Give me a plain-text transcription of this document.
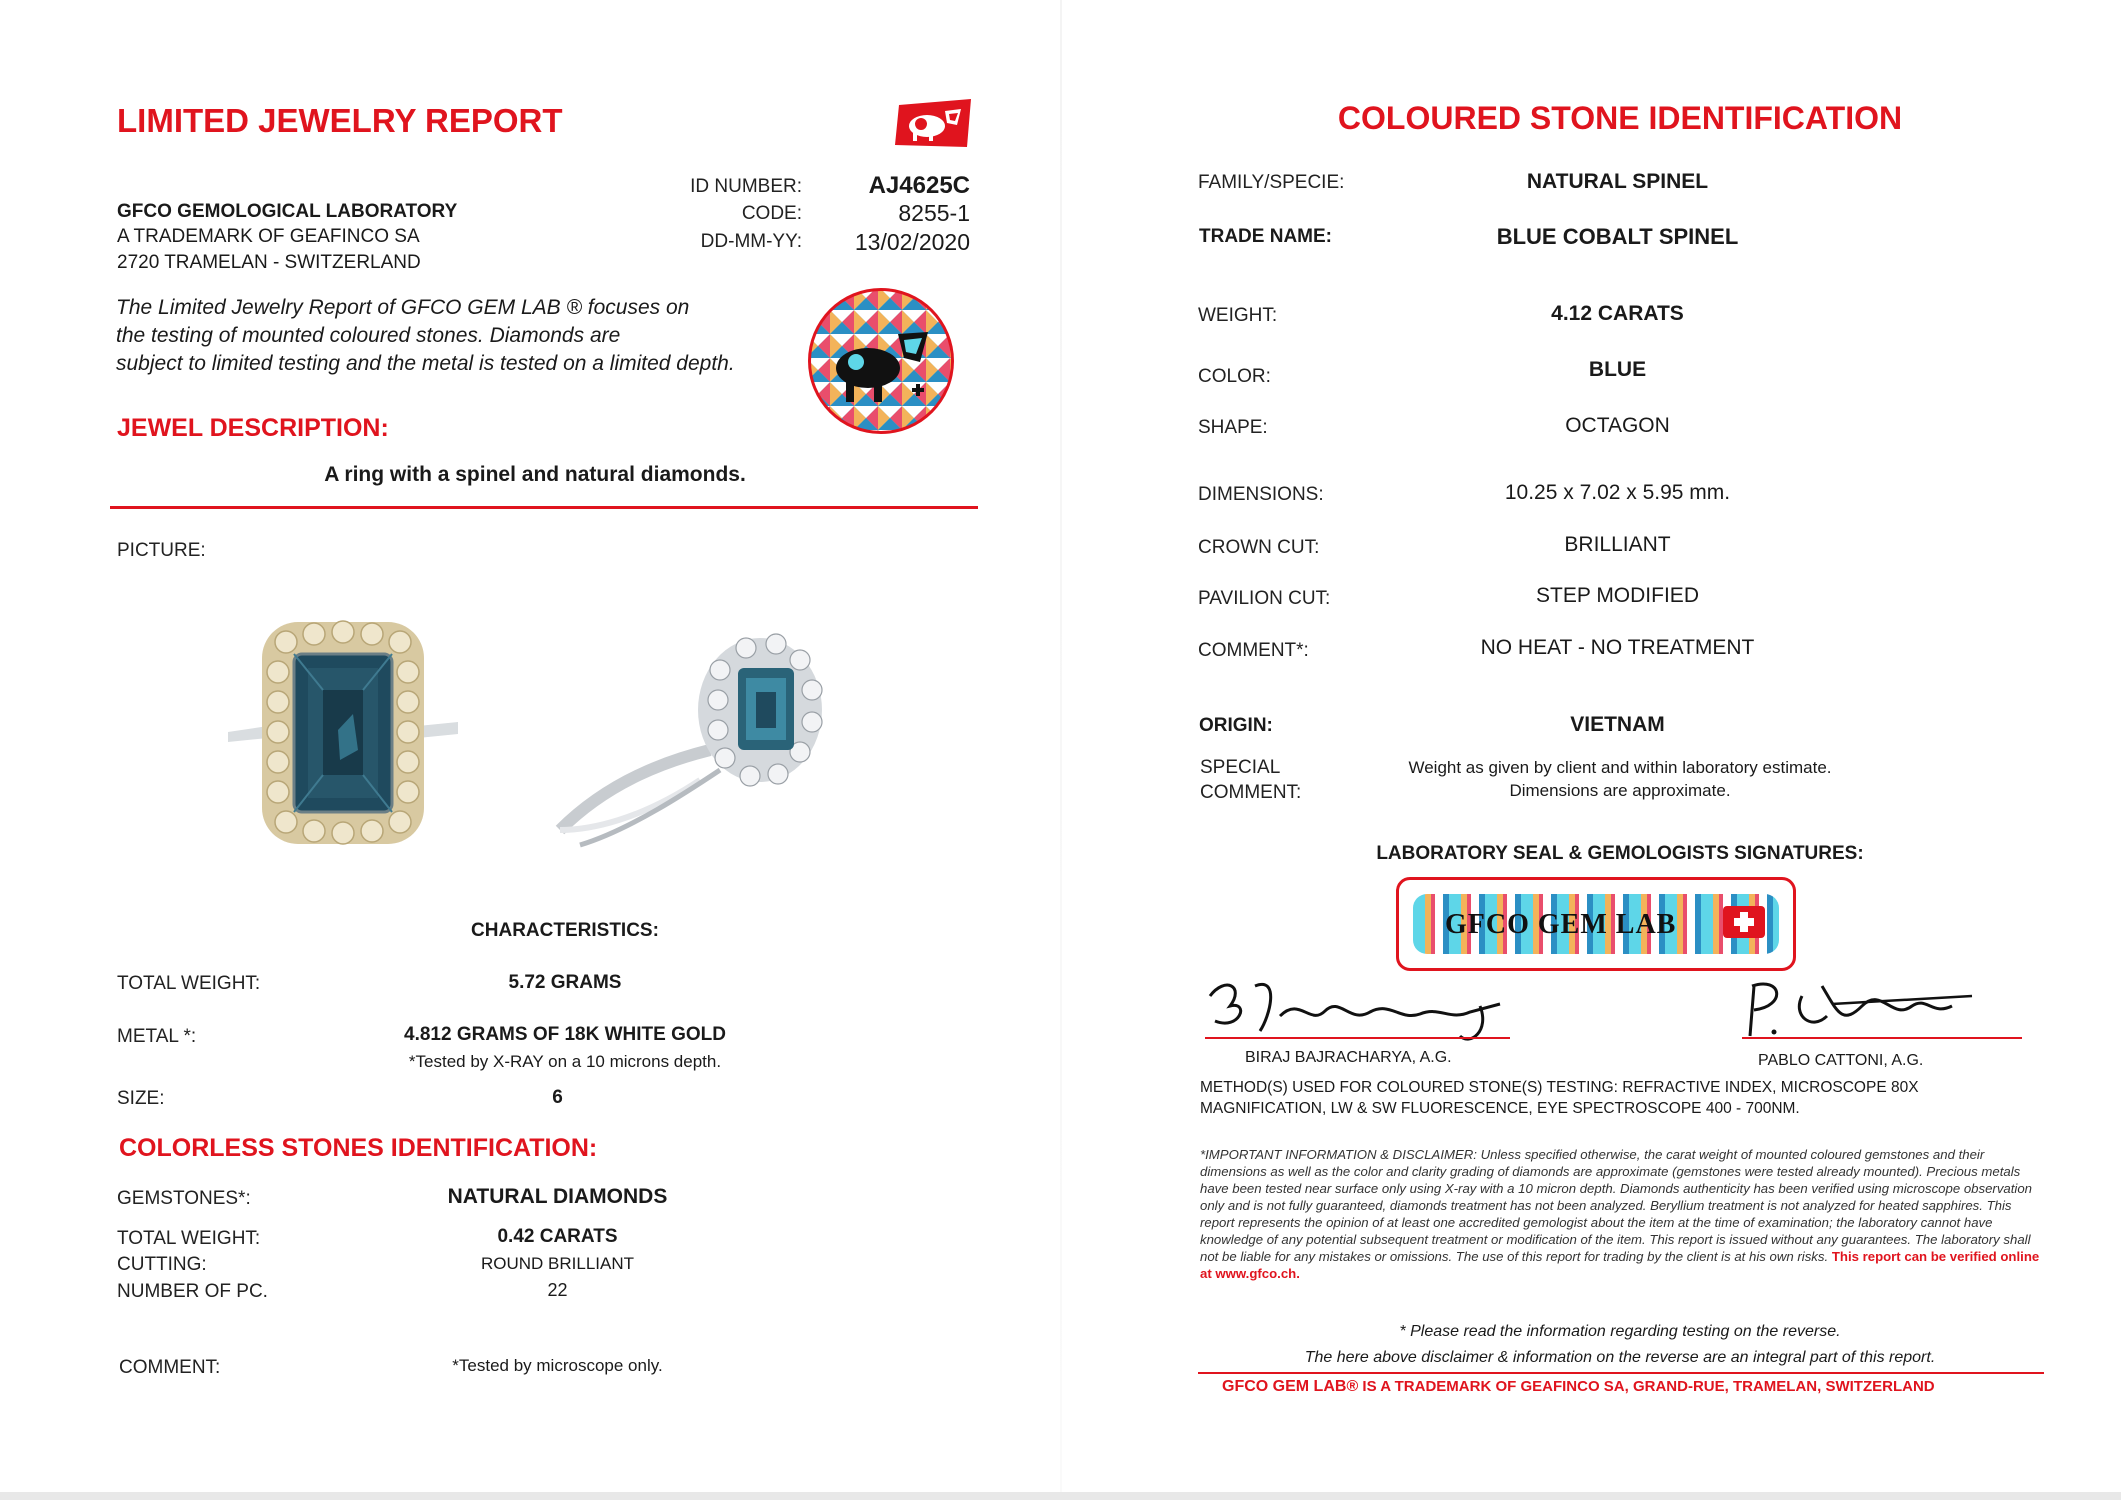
LIMITED JEWELRY REPORT
ID NUMBER:	AJ4625C
CODE:	8255-1
DD-MM-YY:	13/02/2020
GFCO GEMOLOGICAL LABORATORY
A TRADEMARK OF GEAFINCO SA
2720 TRAMELAN - SWITZERLAND
The Limited Jewelry Report of GFCO GEM LAB ® focuses on
the testing of mounted coloured stones. Diamonds are
subject to limited testing and the metal is tested on a limited depth.
JEWEL DESCRIPTION:
A ring with a spinel and natural diamonds.
PICTURE:
CHARACTERISTICS:
TOTAL WEIGHT:	5.72 GRAMS
METAL *:	4.812 GRAMS OF 18K WHITE GOLD
*Tested by X-RAY on a 10 microns depth.
SIZE:	6
COLORLESS STONES IDENTIFICATION:
GEMSTONES*:	NATURAL DIAMONDS
TOTAL WEIGHT:	0.42 CARATS
CUTTING:	ROUND BRILLIANT
NUMBER OF PC.	22
COMMENT:	*Tested by microscope only.
COLOURED STONE IDENTIFICATION
FAMILY/SPECIE:	NATURAL SPINEL
TRADE NAME:	BLUE COBALT SPINEL
WEIGHT:	4.12 CARATS
COLOR:	BLUE
SHAPE:	OCTAGON
DIMENSIONS:	10.25 x 7.02 x 5.95 mm.
CROWN CUT:	BRILLIANT
PAVILION CUT:	STEP MODIFIED
COMMENT*:	NO HEAT - NO TREATMENT
ORIGIN:	VIETNAM
SPECIAL
COMMENT:
Weight as given by client and within laboratory estimate.
Dimensions are approximate.
LABORATORY SEAL & GEMOLOGISTS SIGNATURES:
GFCO GEM LAB
BIRAJ BAJRACHARYA, A.G.	PABLO CATTONI, A.G.
METHOD(S) USED FOR COLOURED STONE(S) TESTING: REFRACTIVE INDEX, MICROSCOPE 80X
MAGNIFICATION, LW & SW FLUORESCENCE, EYE SPECTROSCOPE 400 - 700NM.
*IMPORTANT INFORMATION & DISCLAIMER: Unless specified otherwise, the carat weight of mounted coloured gemstones and their dimensions as well as the color and clarity grading of diamonds are approximate (gemstones were tested already mounted). Precious metals have been tested near surface only using X-ray with a 10 micron depth. Diamonds authenticity has been verified using microscope observation only and is not fully guaranteed, diamonds treatment has not been analyzed. Beryllium treatment is not analyzed for heated sapphires. This report represents the opinion of at least one accredited gemologist about the item at the time of examination; the laboratory cannot have knowledge of any potential subsequent treatment or modification of the item. This report is issued without any guarantees. The laboratory shall not be liable for any mistakes or omissions. The use of this report for trading by the client is at his own risks. This report can be verified online at www.gfco.ch.
* Please read the information regarding testing on the reverse.
The here above disclaimer & information on the reverse are an integral part of this report.
GFCO GEM LAB® IS A TRADEMARK OF GEAFINCO SA, GRAND-RUE, TRAMELAN, SWITZERLAND
